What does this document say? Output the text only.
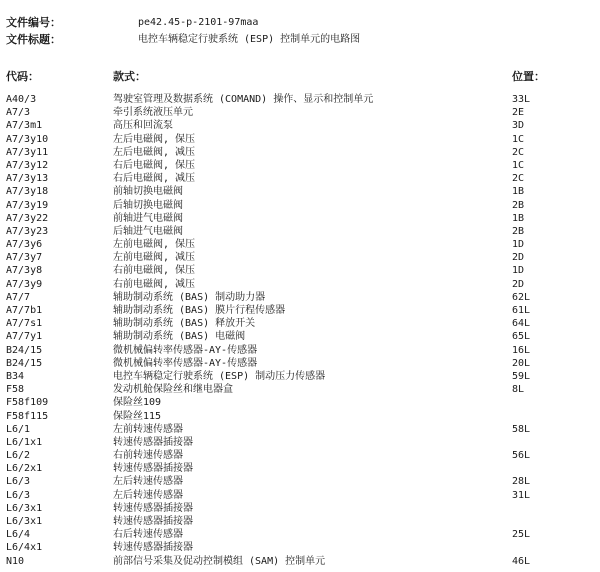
文件编号：	pe42.45-p-2101-97maa
文件标题：	电控车辆稳定行驶系统 (ESP) 控制单元的电路图
代码：	款式：	位置：
A40/3	驾驶室管理及数据系统 (COMAND) 操作、显示和控制单元	33L
A7/3	牵引系统液压单元	2E
A7/3m1	高压和回流泵	3D
A7/3y10	左后电磁阀, 保压	1C
A7/3y11	左后电磁阀, 减压	2C
A7/3y12	右后电磁阀, 保压	1C
A7/3y13	右后电磁阀, 减压	2C
A7/3y18	前轴切换电磁阀	1B
A7/3y19	后轴切换电磁阀	2B
A7/3y22	前轴进气电磁阀	1B
A7/3y23	后轴进气电磁阀	2B
A7/3y6	左前电磁阀, 保压	1D
A7/3y7	左前电磁阀, 减压	2D
A7/3y8	右前电磁阀, 保压	1D
A7/3y9	右前电磁阀, 减压	2D
A7/7	辅助制动系统 (BAS) 制动助力器	62L
A7/7b1	辅助制动系统 (BAS) 膜片行程传感器	61L
A7/7s1	辅助制动系统 (BAS) 释放开关	64L
A7/7y1	辅助制动系统 (BAS) 电磁阀	65L
B24/15	微机械偏转率传感器-AY-传感器	16L
B24/15	微机械偏转率传感器-AY-传感器	20L
B34	电控车辆稳定行驶系统 (ESP) 制动压力传感器	59L
F58	发动机舱保险丝和继电器盒	8L
F58f109	保险丝109
F58f115	保险丝115
L6/1	左前转速传感器	58L
L6/1x1	转速传感器插接器
L6/2	右前转速传感器	56L
L6/2x1	转速传感器插接器
L6/3	左后转速传感器	28L
L6/3	左后转速传感器	31L
L6/3x1	转速传感器插接器
L6/3x1	转速传感器插接器
L6/4	右后转速传感器	25L
L6/4x1	转速传感器插接器
N10	前部信号采集及促动控制模组 (SAM) 控制单元	46L
